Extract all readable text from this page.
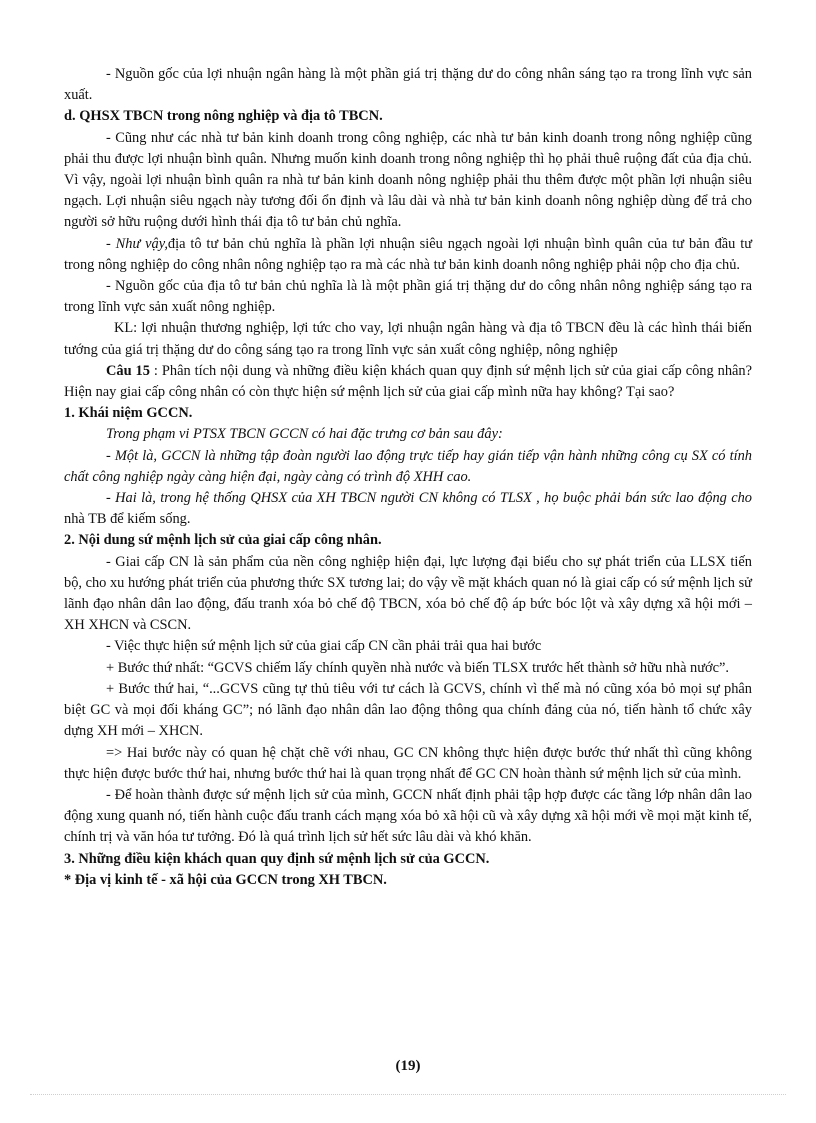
- Nguồn gốc của lợi nhuận ngân hàng là một phần giá trị thặng dư do công nhân sáng tạo ra trong lĩnh vực sản xuất.

d. QHSX TBCN trong nông nghiệp và địa tô TBCN.

- Cũng như các nhà tư bản kinh doanh trong công nghiệp, các nhà tư bản kinh doanh trong nông nghiệp cũng phải thu được lợi nhuận bình quân. Nhưng muốn kinh doanh trong nông nghiệp thì họ phải thuê ruộng đất của địa chủ. Vì vậy, ngoài lợi nhuận bình quân ra nhà tư bản kinh doanh nông nghiệp phải thu thêm được một phần lợi nhuận siêu ngạch. Lợi nhuận siêu ngạch này tương đối ổn định và lâu dài và nhà tư bản kinh doanh nông nghiệp dùng để trả cho người sở hữu ruộng dưới hình thái địa tô tư bản chủ nghĩa.

- Như vậy,địa tô tư bản chủ nghĩa là phần lợi nhuận siêu ngạch ngoài lợi nhuận bình quân của tư bản đầu tư trong nông nghiệp do công nhân nông nghiệp tạo ra mà các nhà tư bản kinh doanh nông nghiệp phải nộp cho địa chủ.

- Nguồn gốc của địa tô tư bản chủ nghĩa là là một phần giá trị thặng dư do công nhân nông nghiệp sáng tạo ra trong lĩnh vực sản xuất nông nghiệp.

KL: lợi nhuận thương nghiệp, lợi tức cho vay, lợi nhuận ngân hàng và địa tô TBCN đều là các hình thái biến tướng của giá trị thặng dư do công sáng tạo ra trong lĩnh vực sản xuất công nghiệp, nông nghiệp

Câu 15 : Phân tích nội dung và những điều kiện khách quan quy định sứ mệnh lịch sử của giai cấp công nhân? Hiện nay giai cấp công nhân có còn thực hiện sứ mệnh lịch sử của giai cấp mình nữa hay không? Tại sao?

1. Khái niệm GCCN.

Trong phạm vi PTSX TBCN GCCN có hai đặc trưng cơ bản sau đây:

- Một là, GCCN là những tập đoàn người lao động trực tiếp hay gián tiếp vận hành những công cụ SX có tính chất công nghiệp ngày càng hiện đại, ngày càng có trình độ XHH cao.

- Hai là, trong hệ thống QHSX của XH TBCN người CN không có TLSX , họ buộc phải bán sức lao động cho nhà TB để kiếm sống.

2. Nội dung sứ mệnh lịch sử của giai cấp công nhân.

- Giai cấp CN là sản phẩm của nền công nghiệp hiện đại, lực lượng đại biểu cho sự phát triển của LLSX tiến bộ, cho xu hướng phát triển của phương thức SX tương lai; do vậy về mặt khách quan nó là giai cấp có sứ mệnh lịch sử lãnh đạo nhân dân lao động, đấu tranh xóa bỏ chế độ TBCN, xóa bỏ chế độ áp bức bóc lột và xây dựng xã hội mới – XH XHCN và CSCN.

- Việc thực hiện sứ mệnh lịch sử của giai cấp CN cần phải trải qua hai bước

+ Bước thứ nhất: “GCVS chiếm lấy chính quyền nhà nước và biến TLSX trước hết thành sở hữu nhà nước”.

+ Bước thứ hai, “...GCVS cũng tự thủ tiêu với tư cách là GCVS, chính vì thế mà nó cũng xóa bỏ mọi sự phân biệt GC và mọi đối kháng GC”; nó lãnh đạo nhân dân lao động thông qua chính đảng của nó, tiến hành tổ chức xây dựng XH mới – XHCN.

=> Hai bước này có quan hệ chặt chẽ với nhau, GC CN không thực hiện được bước thứ nhất thì cũng không thực hiện được bước thứ hai, nhưng bước thứ hai là quan trọng nhất để GC CN hoàn thành sứ mệnh lịch sử của mình.

- Để hoàn thành được sứ mệnh lịch sử của mình, GCCN nhất định phải tập hợp được các tầng lớp nhân dân lao động xung quanh nó, tiến hành cuộc đấu tranh cách mạng xóa bỏ xã hội cũ và xây dựng xã hội mới về mọi mặt kinh tế, chính trị và văn hóa tư tưởng. Đó là quá trình lịch sử hết sức lâu dài và khó khăn.

3. Những điều kiện khách quan quy định sứ mệnh lịch sử của GCCN.

* Địa vị kinh tế - xã hội của GCCN trong XH TBCN.

(19)
